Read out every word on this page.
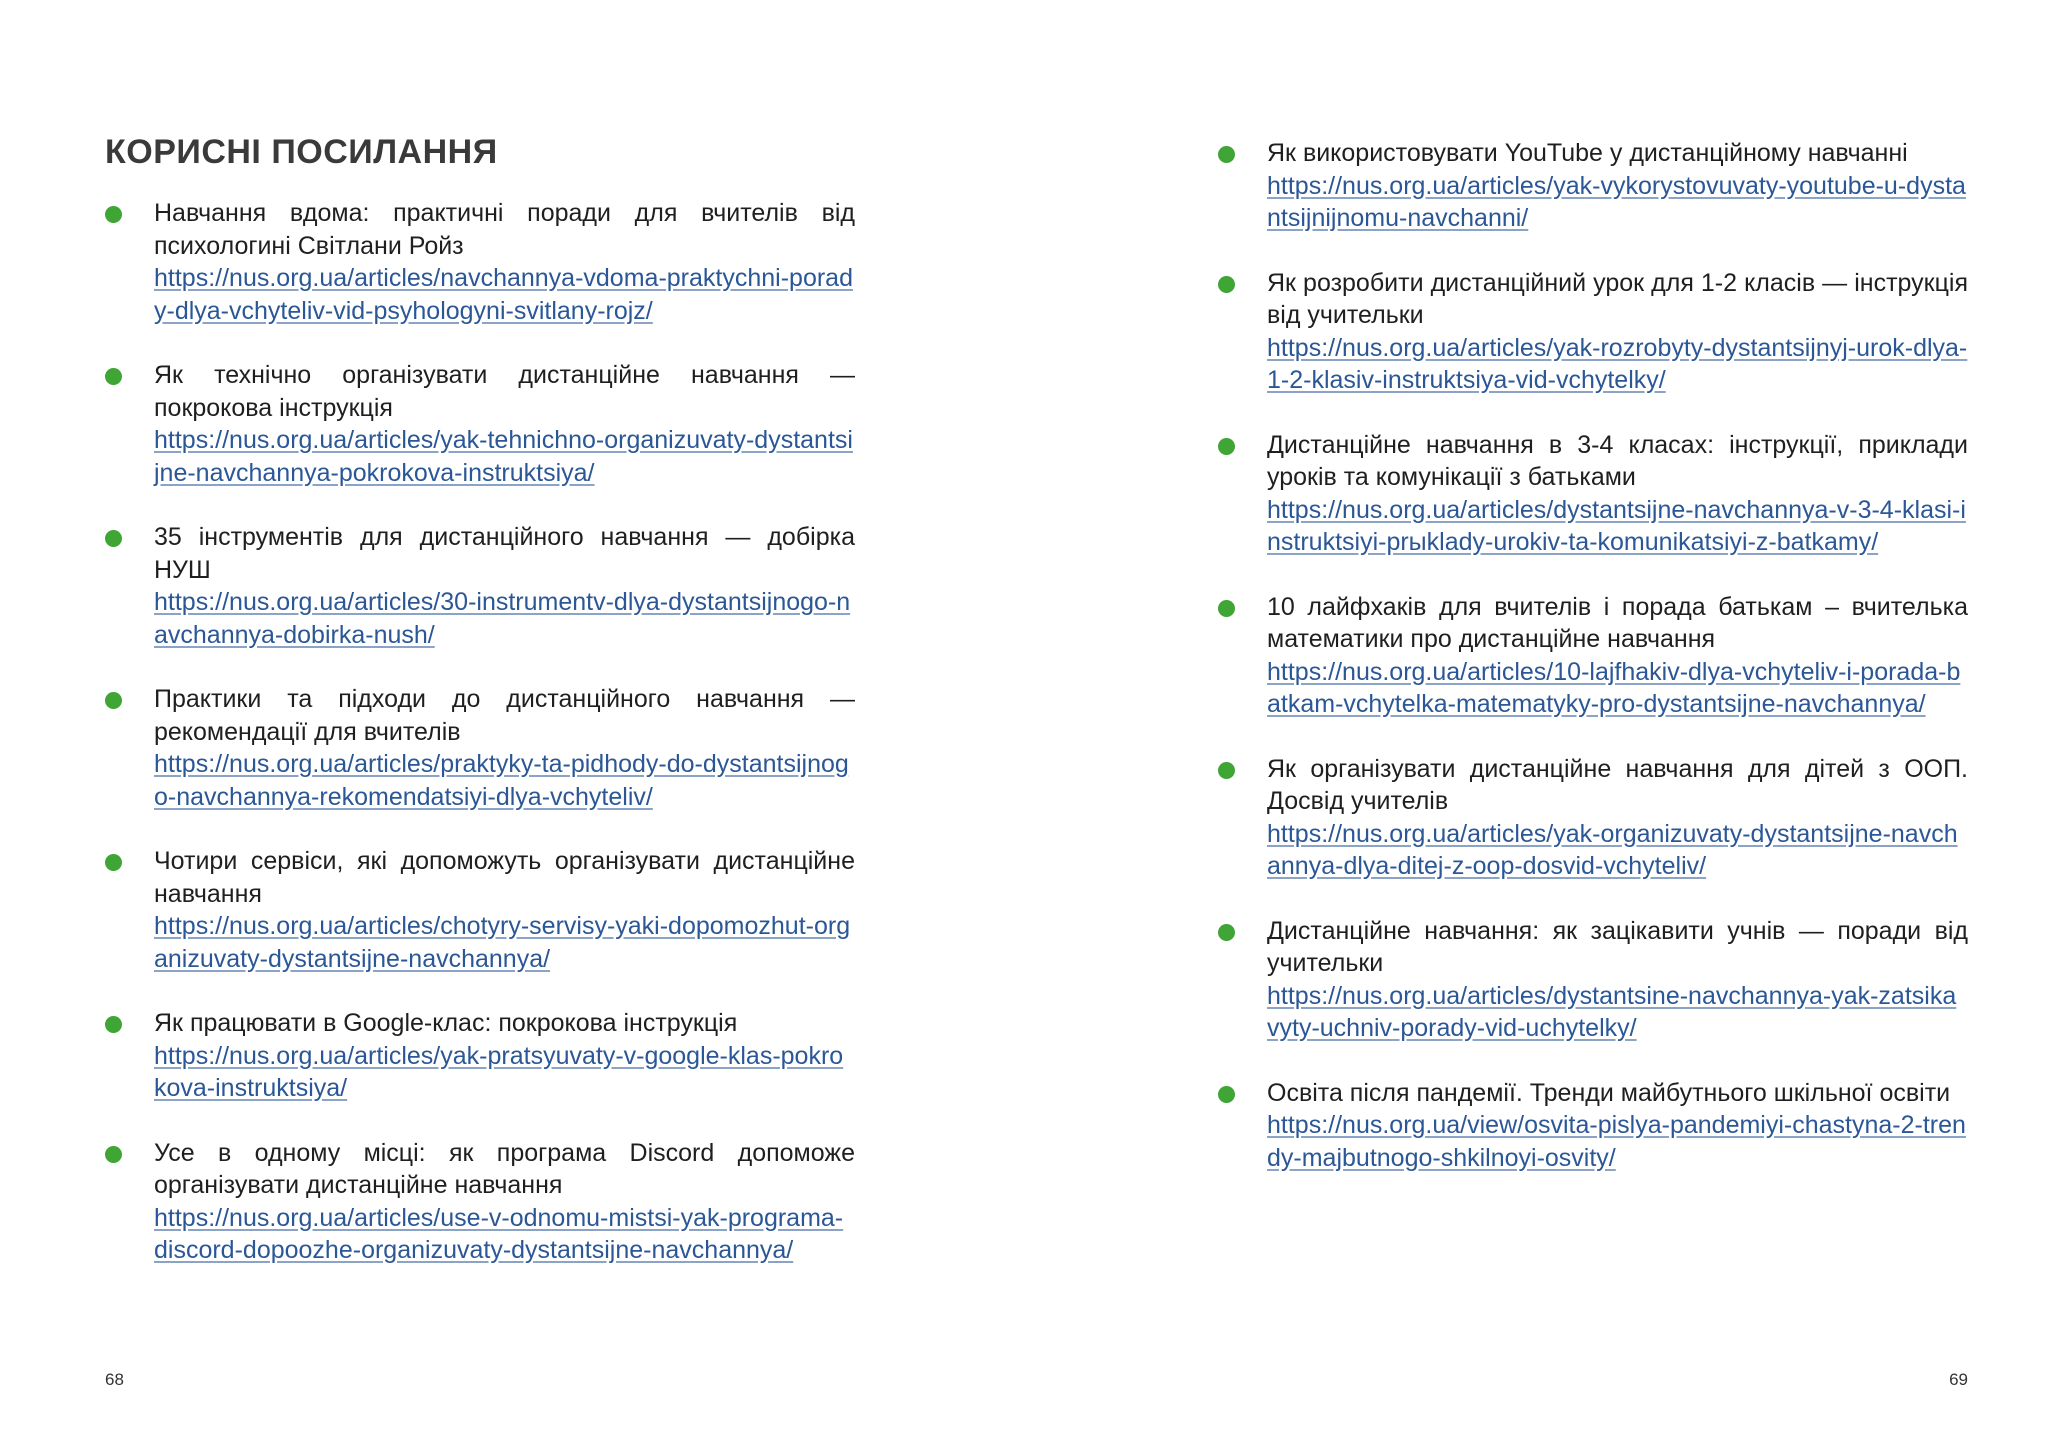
КОРИСНІ ПОСИЛАННЯ
Навчання вдома: практичні поради для вчителів від психологині Світлани Ройз
https://nus.org.ua/articles/navchannya-vdoma-praktychni-porady-dlya-vchyteliv-vid-psyhologyni-svitlany-rojz/
Як технічно організувати дистанційне навчання — покрокова інструкція
https://nus.org.ua/articles/yak-tehnichno-organizuvaty-dystantsijne-navchannya-pokrokova-instruktsiya/
35 інструментів для дистанційного навчання — добірка НУШ
https://nus.org.ua/articles/30-instrumentv-dlya-dystantsijnogo-navchannya-dobirka-nush/
Практики та підходи до дистанційного навчання — рекомендації для вчителів
https://nus.org.ua/articles/praktyky-ta-pidhody-do-dystantsijnogo-navchannya-rekomendatsiyi-dlya-vchyteliv/
Чотири сервіси, які допоможуть організувати дистанційне навчання
https://nus.org.ua/articles/chotyry-servisy-yaki-dopomozhut-organizuvaty-dystantsijne-navchannya/
Як працювати в Google-клас: покрокова інструкція
https://nus.org.ua/articles/yak-pratsyuvaty-v-google-klas-pokrokova-instruktsiya/
Усе в одному місці: як програма Discord допоможе організувати дистанційне навчання
https://nus.org.ua/articles/use-v-odnomu-mistsi-yak-programa-discord-dopoozhe-organizuvaty-dystantsijne-navchannya/

68

Як використовувати YouTube у дистанційному навчанні
https://nus.org.ua/articles/yak-vykorystovuvaty-youtube-u-dystantsijnijnomu-navchanni/
Як розробити дистанційний урок для 1-2 класів — інструкція від учительки
https://nus.org.ua/articles/yak-rozrobyty-dystantsijnyj-urok-dlya-1-2-klasiv-instruktsiya-vid-vchytelky/
Дистанційне навчання в 3-4 класах: інструкції, приклади уроків та комунікації з батьками
https://nus.org.ua/articles/dystantsijne-navchannya-v-3-4-klasi-instruktsiyi-prыklady-urokiv-ta-komunikatsiyi-z-batkamy/
10 лайфхаків для вчителів і порада батькам – вчителька математики про дистанційне навчання
https://nus.org.ua/articles/10-lajfhakiv-dlya-vchyteliv-i-porada-batkam-vchytelka-matematyky-pro-dystantsijne-navchannya/
Як організувати дистанційне навчання для дітей з ООП. Досвід учителів
https://nus.org.ua/articles/yak-organizuvaty-dystantsijne-navchannya-dlya-ditej-z-oop-dosvid-vchyteliv/
Дистанційне навчання: як зацікавити учнів — поради від учительки
https://nus.org.ua/articles/dystantsine-navchannya-yak-zatsikavyty-uchniv-porady-vid-uchytelky/
Освіта після пандемії. Тренди майбутнього шкільної освіти
https://nus.org.ua/view/osvita-pislya-pandemiyi-chastyna-2-trendy-majbutnogo-shkilnoyi-osvity/

69
